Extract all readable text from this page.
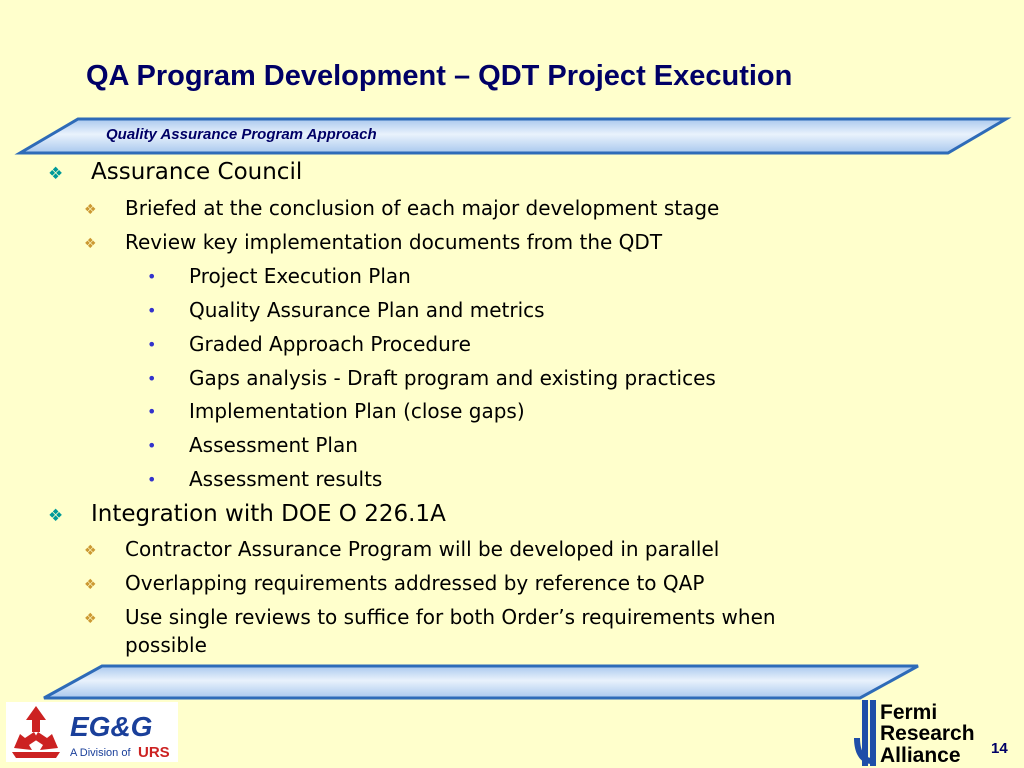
QA Program Development – QDT Project Execution
Quality Assurance Program Approach
❖ Assurance Council
❖ Briefed at the conclusion of each major development stage
❖ Review key implementation documents from the QDT
• Project Execution Plan
• Quality Assurance Plan and metrics
• Graded Approach Procedure
• Gaps analysis - Draft program and existing practices
• Implementation Plan (close gaps)
• Assessment Plan
• Assessment results
❖ Integration with DOE O 226.1A
❖ Contractor Assurance Program will be developed in parallel
❖ Overlapping requirements addressed by reference to QAP
❖ Use single reviews to suffice for both Order’s requirements when
possible
EG&G
A Division of URS
Fermi
Research
Alliance 14
